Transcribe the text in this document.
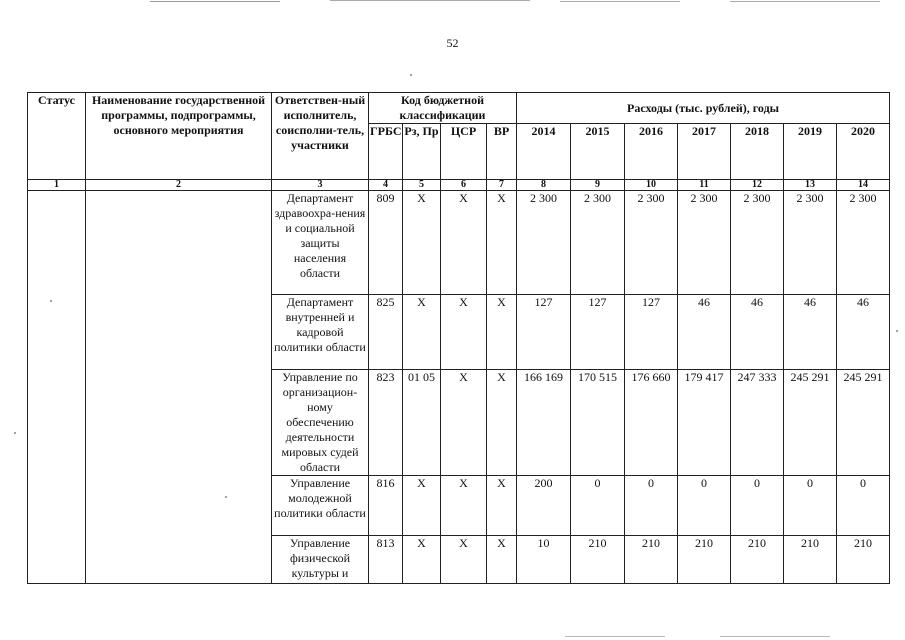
52
Статус	Наименование государственной программы, подпрограммы, основного мероприятия	Ответствен-ный исполнитель, соисполни-тель, участники	Код бюджетной классификации				Расходы (тыс. рублей), годы						
			ГРБС	Рз, Пр	ЦСР	ВР	2014	2015	2016	2017	2018	2019	2020
1	2	3	4	5	6	7	8	9	10	11	12	13	14
		Департамент здравоохра-нения и социальной защиты населения области	809	X	X	X	2 300	2 300	2 300	2 300	2 300	2 300	2 300
		Департамент внутренней и кадровой политики области	825	X	X	X	127	127	127	46	46	46	46
		Управление по организацион-ному обеспечению деятельности мировых судей области	823	01 05	X	X	166 169	170 515	176 660	179 417	247 333	245 291	245 291
		Управление молодежной политики области	816	X	X	X	200	0	0	0	0	0	0
		Управление физической культуры и	813	X	X	X	10	210	210	210	210	210	210
